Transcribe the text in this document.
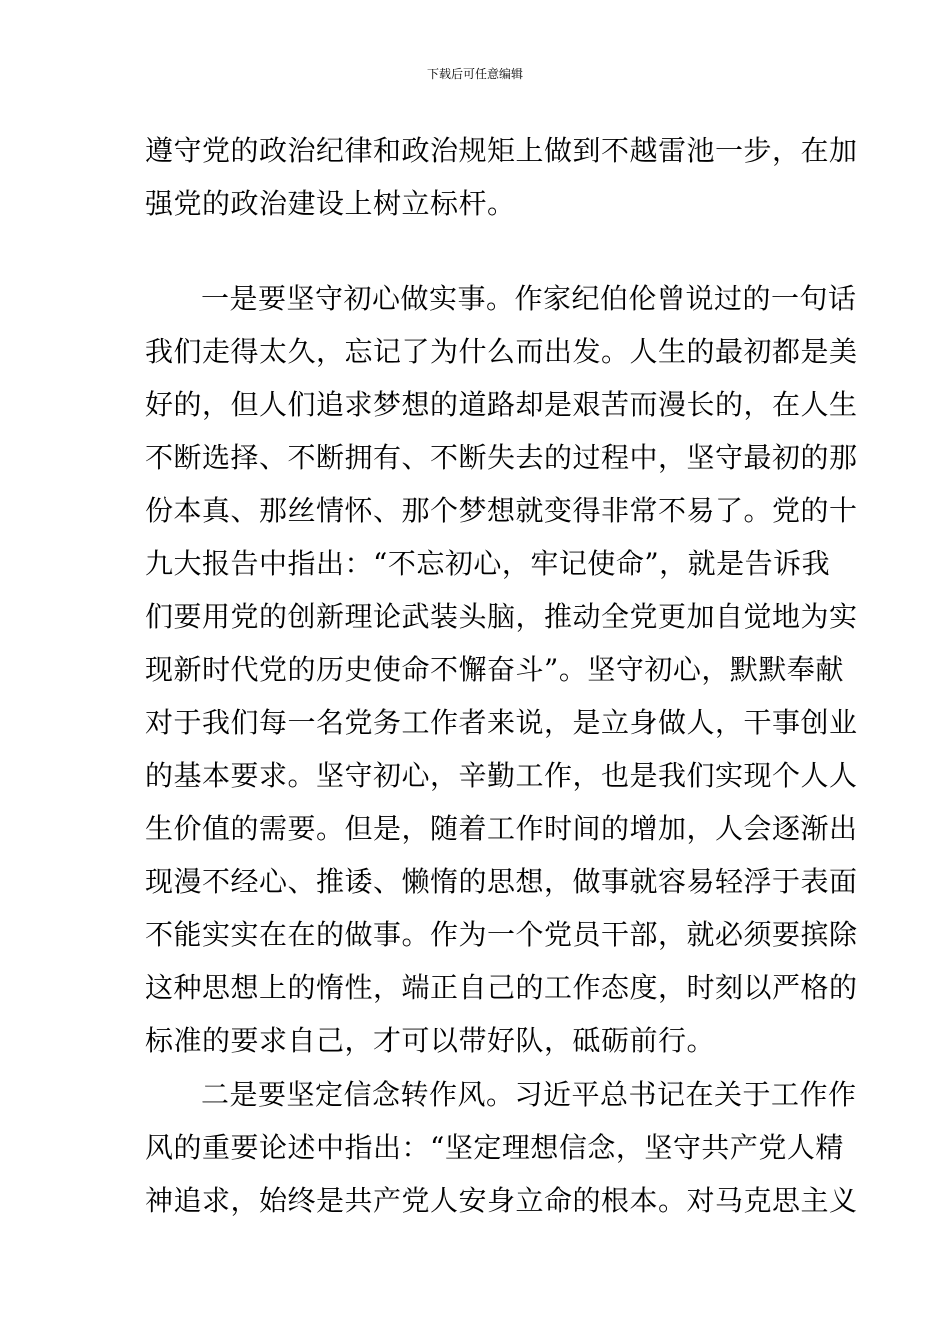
下载后可任意编辑
遵守党的政治纪律和政治规矩上做到不越雷池一步，在加
强党的政治建设上树立标杆。
一是要坚守初心做实事。作家纪伯伦曾说过的一句话
我们走得太久，忘记了为什么而出发。人生的最初都是美
好的，但人们追求梦想的道路却是艰苦而漫长的，在人生
不断选择、不断拥有、不断失去的过程中，坚守最初的那
份本真、那丝情怀、那个梦想就变得非常不易了。党的十
九大报告中指出：“不忘初心，牢记使命”，就是告诉我
们要用党的创新理论武装头脑，推动全党更加自觉地为实
现新时代党的历史使命不懈奋斗”。坚守初心，默默奉献
对于我们每一名党务工作者来说，是立身做人，干事创业
的基本要求。坚守初心，辛勤工作，也是我们实现个人人
生价值的需要。但是，随着工作时间的增加，人会逐渐出
现漫不经心、推诿、懒惰的思想，做事就容易轻浮于表面
不能实实在在的做事。作为一个党员干部，就必须要摈除
这种思想上的惰性，端正自己的工作态度，时刻以严格的
标准的要求自己，才可以带好队，砥砺前行。
二是要坚定信念转作风。习近平总书记在关于工作作
风的重要论述中指出：“坚定理想信念，坚守共产党人精
神追求，始终是共产党人安身立命的根本。对马克思主义
